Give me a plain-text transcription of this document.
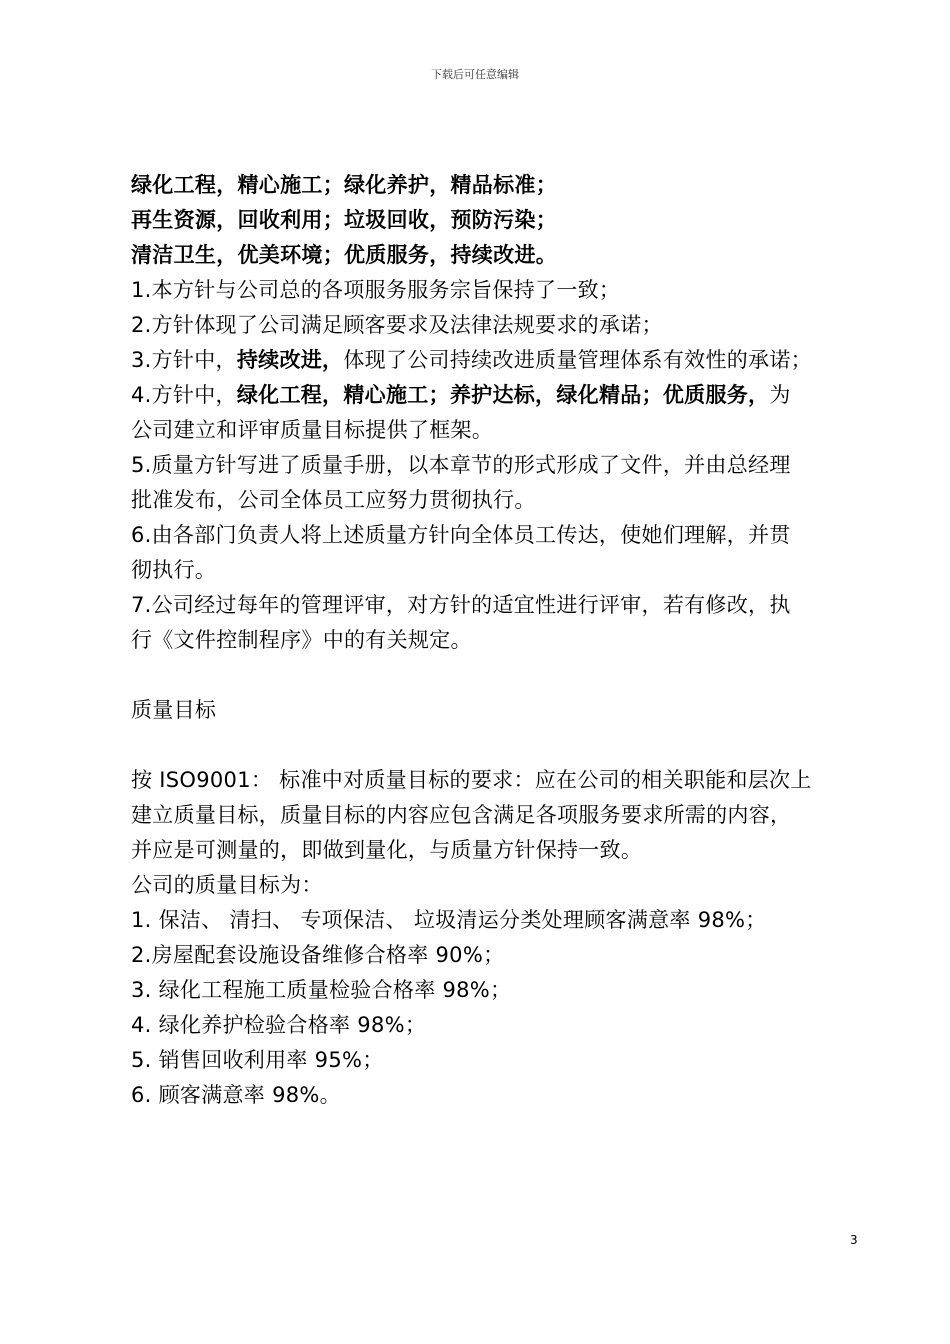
下载后可任意编辑
绿化工程，精心施工；绿化养护，精品标准；
再生资源，回收利用；垃圾回收，预防污染；
清洁卫生，优美环境；优质服务，持续改进。
1.本方针与公司总的各项服务服务宗旨保持了一致；
2.方针体现了公司满足顾客要求及法律法规要求的承诺；
3.方针中，持续改进，体现了公司持续改进质量管理体系有效性的承诺；
4.方针中，绿化工程，精心施工；养护达标，绿化精品；优质服务，为
公司建立和评审质量目标提供了框架。
5.质量方针写进了质量手册，以本章节的形式形成了文件，并由总经理
批准发布，公司全体员工应努力贯彻执行。
6.由各部门负责人将上述质量方针向全体员工传达，使她们理解，并贯
彻执行。
7.公司经过每年的管理评审，对方针的适宜性进行评审，若有修改，执
行《文件控制程序》中的有关规定。
质量目标
按 ISO9001： 标准中对质量目标的要求：应在公司的相关职能和层次上
建立质量目标，质量目标的内容应包含满足各项服务要求所需的内容，
并应是可测量的，即做到量化，与质量方针保持一致。
公司的质量目标为：
1. 保洁、 清扫、 专项保洁、 垃圾清运分类处理顾客满意率 98%；
2.房屋配套设施设备维修合格率 90%；
3. 绿化工程施工质量检验合格率 98%；
4. 绿化养护检验合格率 98%；
5. 销售回收利用率 95%；
6. 顾客满意率 98%。
3
